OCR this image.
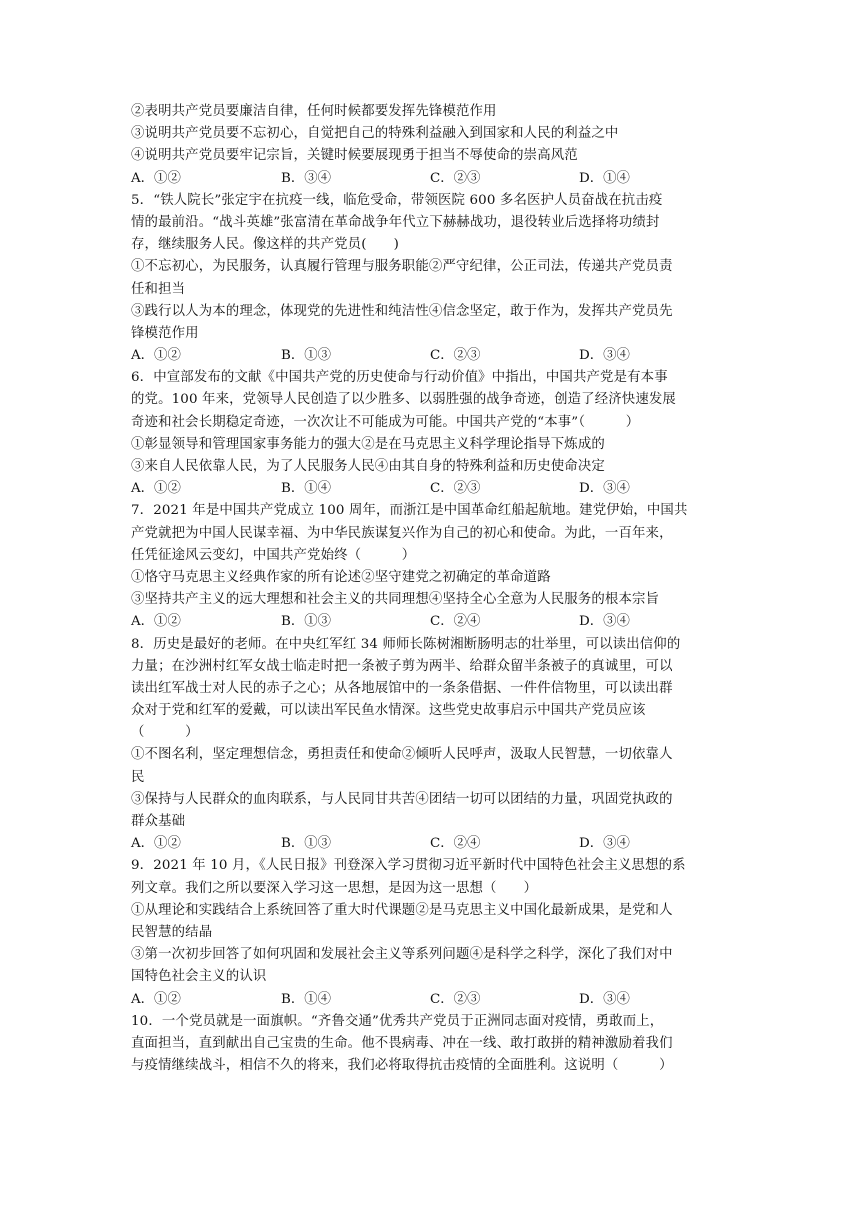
②表明共产党员要廉洁自律，任何时候都要发挥先锋模范作用
③说明共产党员要不忘初心，自觉把自己的特殊利益融入到国家和人民的利益之中
④说明共产党员要牢记宗旨，关键时候要展现勇于担当不辱使命的崇高风范
A．①②	B．③④	C．②③	D．①④
5．“铁人院长”张定宇在抗疫一线，临危受命，带领医院 600 多名医护人员奋战在抗击疫
情的最前沿。“战斗英雄”张富清在革命战争年代立下赫赫战功，退役转业后选择将功绩封
存，继续服务人民。像这样的共产党员(　　)
①不忘初心，为民服务，认真履行管理与服务职能②严守纪律，公正司法，传递共产党员责
任和担当
③践行以人为本的理念，体现党的先进性和纯洁性④信念坚定，敢于作为，发挥共产党员先
锋模范作用
A．①②	B．①③	C．②③	D．③④
6．中宣部发布的文献《中国共产党的历史使命与行动价值》中指出，中国共产党是有本事
的党。100 年来，党领导人民创造了以少胜多、以弱胜强的战争奇迹，创造了经济快速发展
奇迹和社会长期稳定奇迹，一次次让不可能成为可能。中国共产党的“本事”（　　　）
①彰显领导和管理国家事务能力的强大②是在马克思主义科学理论指导下炼成的
③来自人民依靠人民，为了人民服务人民④由其自身的特殊利益和历史使命决定
A．①②	B．①④	C．②③	D．③④
7．2021 年是中国共产党成立 100 周年，而浙江是中国革命红船起航地。建党伊始，中国共
产党就把为中国人民谋幸福、为中华民族谋复兴作为自己的初心和使命。为此，一百年来，
任凭征途风云变幻，中国共产党始终（　　　）
①恪守马克思主义经典作家的所有论述②坚守建党之初确定的革命道路
③坚持共产主义的远大理想和社会主义的共同理想④坚持全心全意为人民服务的根本宗旨
A．①②	B．①③	C．②④	D．③④
8．历史是最好的老师。在中央红军红 34 师师长陈树湘断肠明志的壮举里，可以读出信仰的
力量；在沙洲村红军女战士临走时把一条被子剪为两半、给群众留半条被子的真诚里，可以
读出红军战士对人民的赤子之心；从各地展馆中的一条条借据、一件件信物里，可以读出群
众对于党和红军的爱戴，可以读出军民鱼水情深。这些党史故事启示中国共产党员应该
（　　　）
①不图名利，坚定理想信念，勇担责任和使命②倾听人民呼声，汲取人民智慧，一切依靠人
民
③保持与人民群众的血肉联系，与人民同甘共苦④团结一切可以团结的力量，巩固党执政的
群众基础
A．①②	B．①③	C．②④	D．③④
9．2021 年 10 月，《人民日报》刊登深入学习贯彻习近平新时代中国特色社会主义思想的系
列文章。我们之所以要深入学习这一思想，是因为这一思想（　　）
①从理论和实践结合上系统回答了重大时代课题②是马克思主义中国化最新成果，是党和人
民智慧的结晶
③第一次初步回答了如何巩固和发展社会主义等系列问题④是科学之科学，深化了我们对中
国特色社会主义的认识
A．①②	B．①④	C．②③	D．③④
10．一个党员就是一面旗帜。“齐鲁交通”优秀共产党员于正洲同志面对疫情，勇敢而上，
直面担当，直到献出自己宝贵的生命。他不畏病毒、冲在一线、敢打敢拼的精神激励着我们
与疫情继续战斗，相信不久的将来，我们必将取得抗击疫情的全面胜利。这说明（　　　）
